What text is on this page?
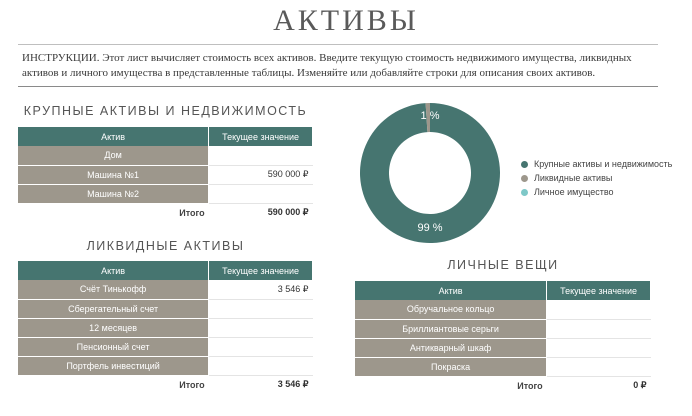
АКТИВЫ
ИНСТРУКЦИИ. Этот лист вычисляет стоимость всех активов. Введите текущую стоимость недвижимого имущества, ликвидных активов и личного имущества в представленные таблицы. Изменяйте или добавляйте строки для описания своих активов.
КРУПНЫЕ АКТИВЫ И НЕДВИЖИМОСТЬ
Актив	Текущее значение
Дом	
Машина №1	590 000 ₽
Машина №2	
Итого	590 000 ₽
ЛИКВИДНЫЕ АКТИВЫ
Актив	Текущее значение
Счёт Тинькофф	3 546 ₽
Сберегательный счет	
12 месяцев	
Пенсионный счет	
Портфель инвестиций	
Итого	3 546 ₽
ЛИЧНЫЕ ВЕЩИ
Актив	Текущее значение
Обручальное кольцо	
Бриллиантовые серьги	
Антикварный шкаф	
Покраска	
Итого	0 ₽
99 %
1 %
Крупные активы и недвижимость
Ликвидные активы
Личное имущество
